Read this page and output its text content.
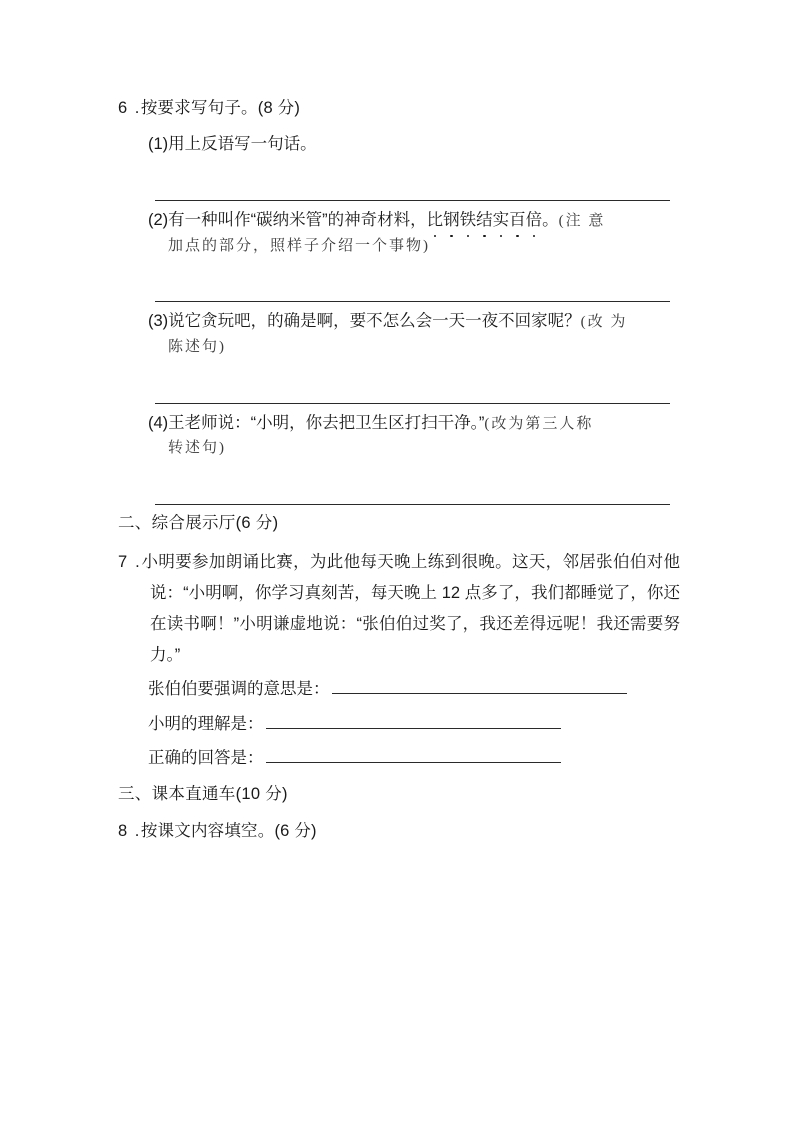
6 .按要求写句子。(8 分)
(1)用上反语写一句话。
(2)有一种叫作“碳纳米管”的神奇材料，比钢铁结实百倍。(注 意
加点的部分，照样子介绍一个事物)
(3)说它贪玩吧，的确是啊，要不怎么会一天一夜不回家呢？(改 为
陈述句)
(4)王老师说：“小明，你去把卫生区打扫干净。”(改为第三人称
转述句)
二、综合展示厅(6 分)
7 .小明要参加朗诵比赛，为此他每天晚上练到很晚。这天，邻居张伯伯对他说：“小明啊，你学习真刻苦，每天晚上 12 点多了，我们都睡觉了，你还在读书啊！”小明谦虚地说：“张伯伯过奖了，我还差得远呢！我还需要努力。”
张伯伯要强调的意思是：
小明的理解是：
正确的回答是：
三、课本直通车(10 分)
8 .按课文内容填空。(6 分)
